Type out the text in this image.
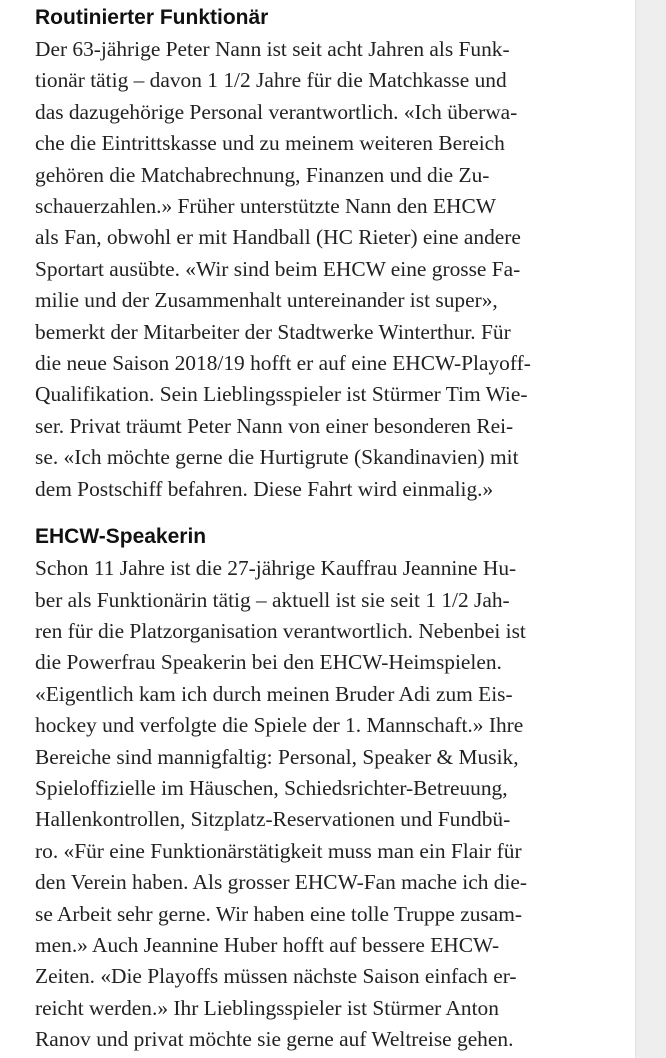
Routinierter Funktionär

Der 63-jährige Peter Nann ist seit acht Jahren als Funk-
tionär tätig – davon 1 1/2 Jahre für die Matchkasse und
das dazugehörige Personal verantwortlich. «Ich überwa-
che die Eintrittskasse und zu meinem weiteren Bereich
gehören die Matchabrechnung, Finanzen und die Zu-
schauerzahlen.» Früher unterstützte Nann den EHCW
als Fan, obwohl er mit Handball (HC Rieter) eine andere
Sportart ausübte. «Wir sind beim EHCW eine grosse Fa-
milie und der Zusammenhalt untereinander ist super»,
bemerkt der Mitarbeiter der Stadtwerke Winterthur. Für
die neue Saison 2018/19 hofft er auf eine EHCW-Playoff-
Qualifikation. Sein Lieblingsspieler ist Stürmer Tim Wie-
ser. Privat träumt Peter Nann von einer besonderen Rei-
se. «Ich möchte gerne die Hurtigrute (Skandinavien) mit
dem Postschiff befahren. Diese Fahrt wird einmalig.»

EHCW-Speakerin

Schon 11 Jahre ist die 27-jährige Kauffrau Jeannine Hu-
ber als Funktionärin tätig – aktuell ist sie seit 1 1/2 Jah-
ren für die Platzorganisation verantwortlich. Nebenbei ist
die Powerfrau Speakerin bei den EHCW-Heimspielen.
«Eigentlich kam ich durch meinen Bruder Adi zum Eis-
hockey und verfolgte die Spiele der 1. Mannschaft.» Ihre
Bereiche sind mannigfaltig: Personal, Speaker & Musik,
Spieloffizielle im Häuschen, Schiedsrichter-Betreuung,
Hallenkontrollen, Sitzplatz-Reservationen und Fundbü-
ro. «Für eine Funktionärstätigkeit muss man ein Flair für
den Verein haben. Als grosser EHCW-Fan mache ich die-
se Arbeit sehr gerne. Wir haben eine tolle Truppe zusam-
men.» Auch Jeannine Huber hofft auf bessere EHCW-
Zeiten. «Die Playoffs müssen nächste Saison einfach er-
reicht werden.» Ihr Lieblingsspieler ist Stürmer Anton
Ranov und privat möchte sie gerne auf Weltreise gehen.
